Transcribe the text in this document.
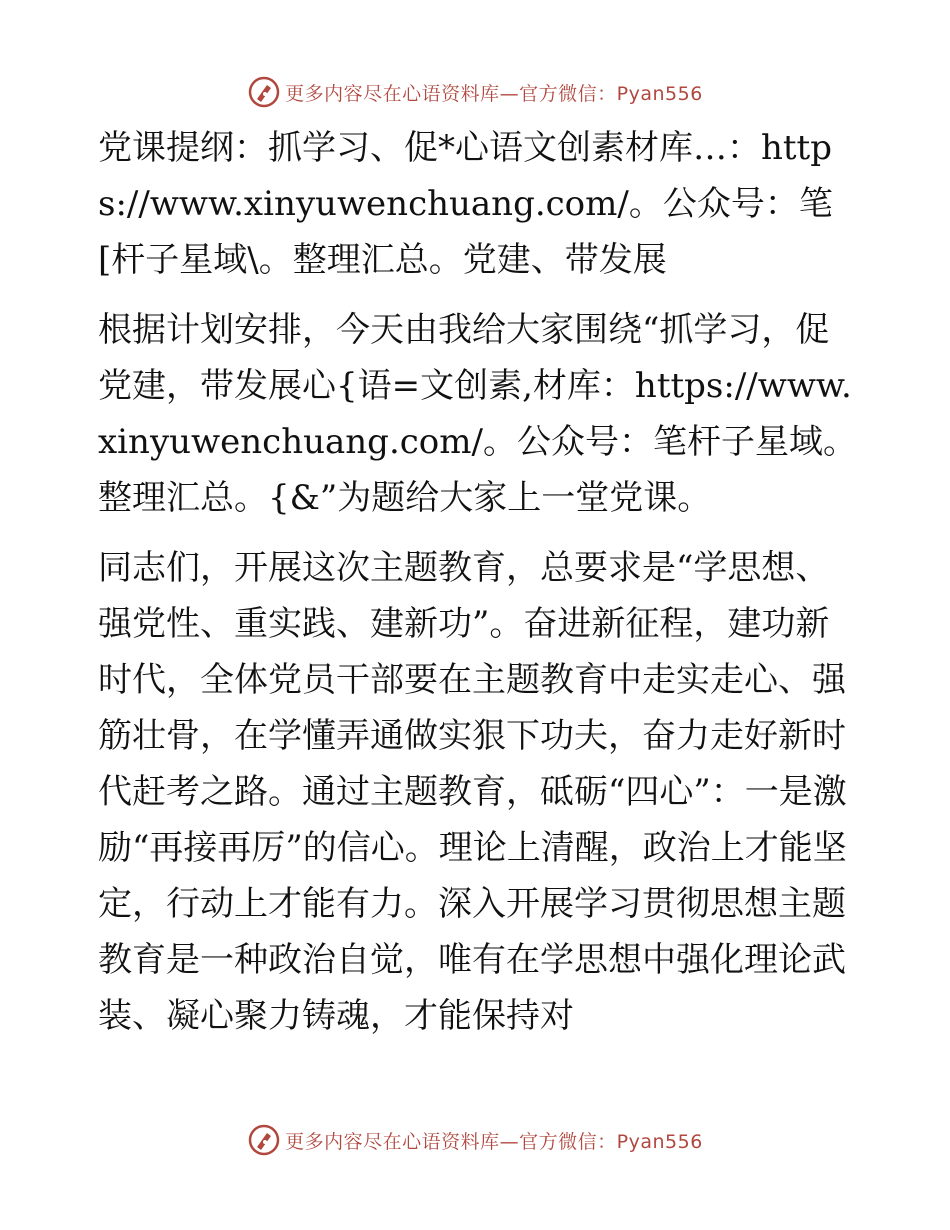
更多内容尽在心语资料库—官方微信：Pyan556

党课提纲：抓学习、促*心语文创素材库…：https://www.xinyuwenchuang.com/。公众号：笔[杆子星域\。整理汇总。党建、带发展

根据计划安排，今天由我给大家围绕“抓学习，促党建，带发展心{语=文创素,材库：https://www.xinyuwenchuang.com/。公众号：笔杆子星域。整理汇总。{&”为题给大家上一堂党课。

同志们，开展这次主题教育，总要求是“学思想、强党性、重实践、建新功”。奋进新征程，建功新时代，全体党员干部要在主题教育中走实走心、强筋壮骨，在学懂弄通做实狠下功夫，奋力走好新时代赶考之路。通过主题教育，砥砺“四心”：一是激励“再接再厉”的信心。理论上清醒，政治上才能坚定，行动上才能有力。深入开展学习贯彻思想主题教育是一种政治自觉，唯有在学思想中强化理论武装、凝心聚力铸魂，才能保持对

更多内容尽在心语资料库—官方微信：Pyan556
